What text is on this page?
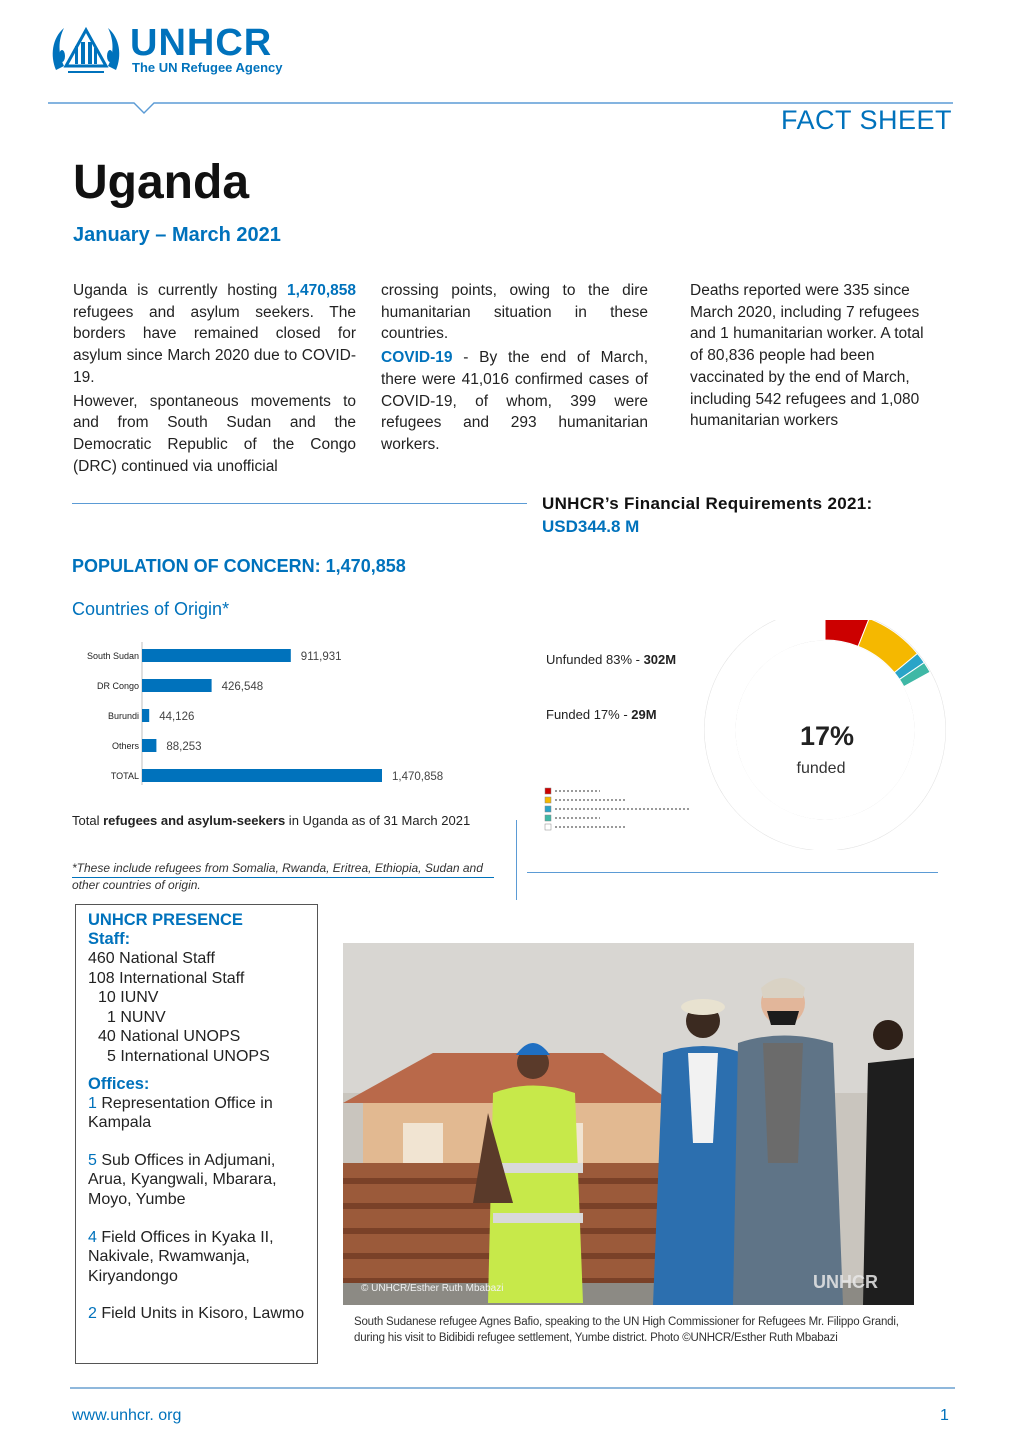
UNHCR
The UN Refugee Agency
FACT SHEET
Uganda
January – March 2021

Uganda is currently hosting 1,470,858 refugees and asylum seekers. The borders have remained closed for asylum since March 2020 due to COVID-19.

However, spontaneous movements to and from South Sudan and the Democratic Republic of the Congo (DRC) continued via unofficial

crossing points, owing to the dire humanitarian situation in these countries.

COVID-19 - By the end of March, there were 41,016 confirmed cases of COVID-19, of whom, 399 were refugees and 293 humanitarian workers.

Deaths reported were 335 since March 2020, including 7 refugees and 1 humanitarian worker. A total of 80,836 people had been vaccinated by the end of March, including 542 refugees and 1,080 humanitarian workers

POPULATION OF CONCERN: 1,470,858
Countries of Origin*
South Sudan	911,931
DR Congo	426,548
Burundi 44,126
Others 88,253
TOTAL	1,470,858
Total refugees and asylum-seekers in Uganda as of 31 March 2021
*These include refugees from Somalia, Rwanda, Eritrea, Ethiopia, Sudan and other countries of origin.
UNHCR’s Financial Requirements 2021:
USD344.8 M
Unfunded 83% - 302M
Funded 17% - 29M
17%
funded
UNHCR PRESENCE
Staff:
460 National Staff
108 International Staff
10 IUNV
1 NUNV
40 National UNOPS
5 International UNOPS
Offices:
1 Representation Office in Kampala
5 Sub Offices in Adjumani, Arua, Kyangwali, Mbarara, Moyo, Yumbe
4 Field Offices in Kyaka II, Nakivale, Rwamwanja, Kiryandongo
2 Field Units in Kisoro, Lawmo
© UNHCR/Esther Ruth Mbabazi	UNHCR
South Sudanese refugee Agnes Bafio, speaking to the UN High Commissioner for Refugees Mr. Filippo Grandi, during his visit to Bidibidi refugee settlement, Yumbe district. Photo ©UNHCR/Esther Ruth Mbabazi
www.unhcr. org	1
